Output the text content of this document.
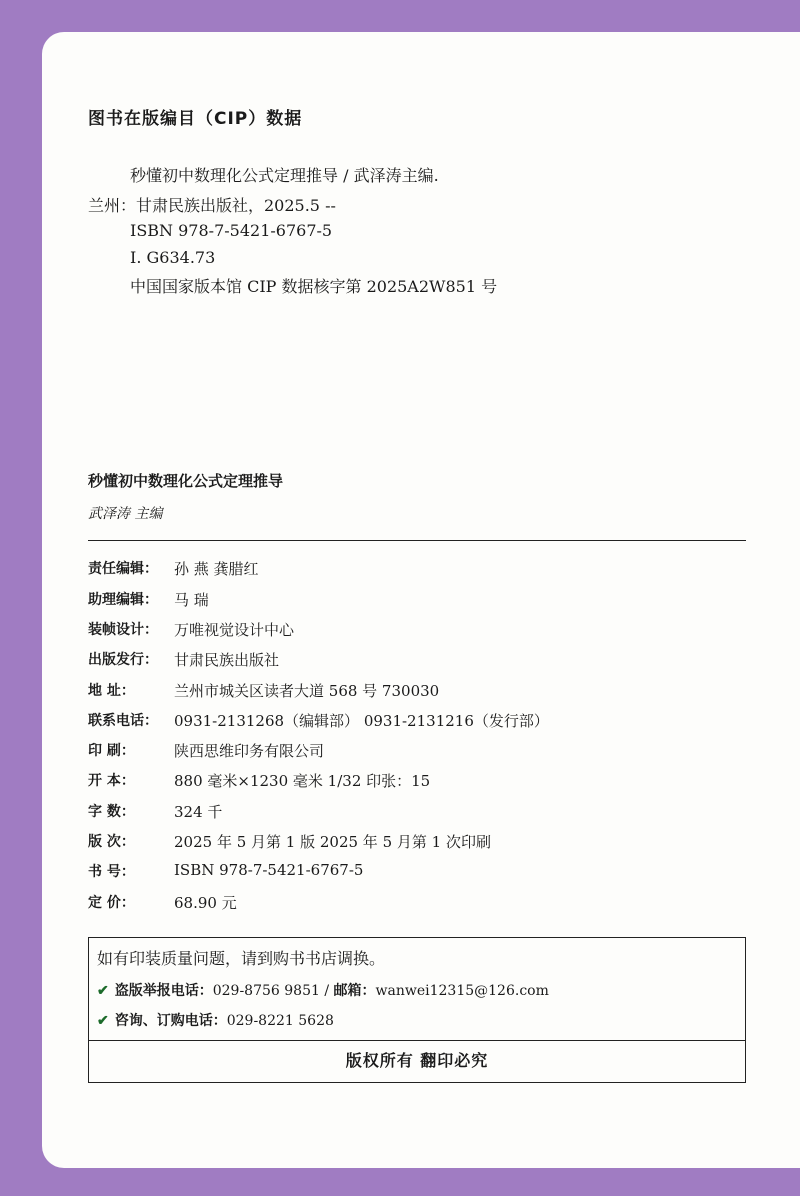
图书在版编目（CIP）数据
秒懂初中数理化公式定理推导 / 武泽涛主编.
兰州：甘肃民族出版社，2025.5 --
ISBN 978-7-5421-6767-5
Ⅰ. G634.73
中国国家版本馆 CIP 数据核字第 2025A2W851 号
秒懂初中数理化公式定理推导
武泽涛 主编
责任编辑： 孙 燕 龚腊红
助理编辑： 马 瑞
装帧设计： 万唯视觉设计中心
出版发行： 甘肃民族出版社
地 址：	兰州市城关区读者大道 568 号 730030
联系电话： 0931-2131268（编辑部） 0931-2131216（发行部）
印 刷：	陕西思维印务有限公司
开 本：	880 毫米×1230 毫米 1/32 印张：15
字 数：	324 千
版 次：	2025 年 5 月第 1 版 2025 年 5 月第 1 次印刷
书 号：	ISBN 978-7-5421-6767-5
定 价：	68.90 元
如有印装质量问题，请到购书书店调换。
✔ 盗版举报电话：029-8756 9851 / 邮箱：wanwei12315@126.com
✔ 咨询、订购电话：029-8221 5628
版权所有 翻印必究
